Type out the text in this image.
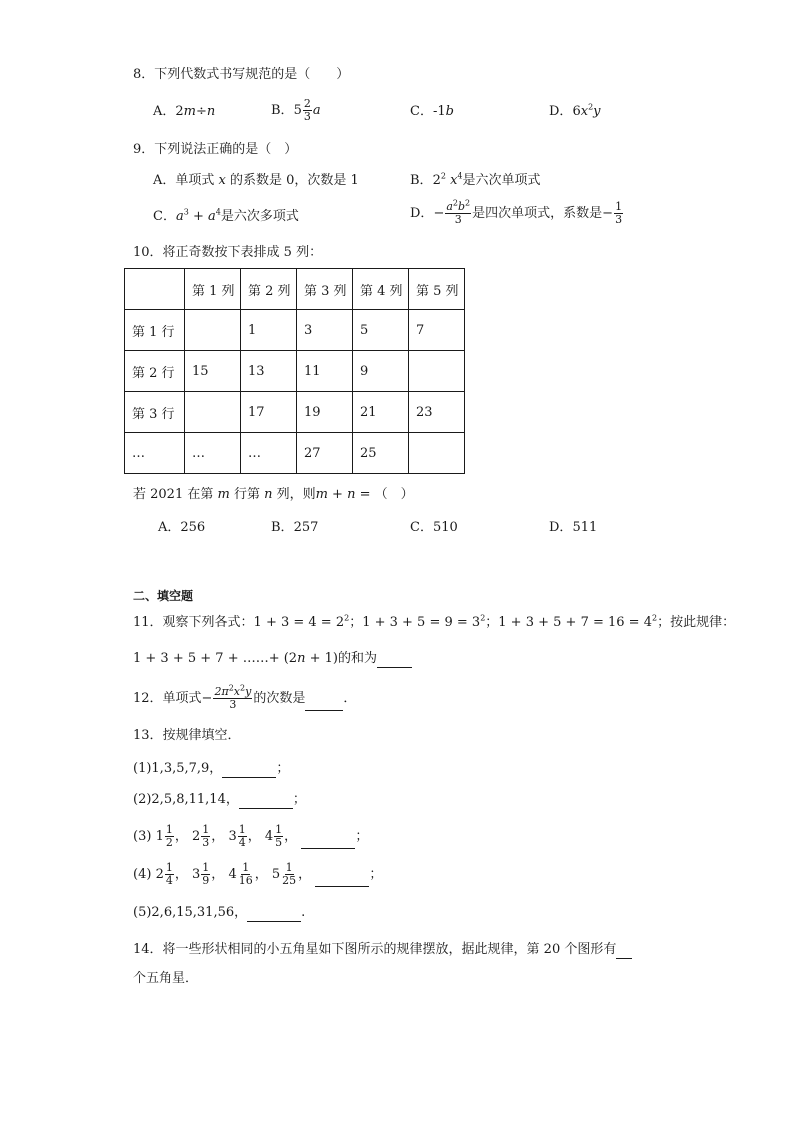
8．下列代数式书写规范的是（　　）
A．2m÷n	B．$5 \frac{2}{3}$ a	C．-1b	D．$6x^2y$
9．下列说法正确的是（　）
A．单项式 x 的系数是 0，次数是 1	B．$2^2$ $x^4$是六次单项式
C．$a^3 + a^4$是六次多项式	D．− $\frac{a^2b^2}{3}$ 是四次单项式，系数是− $\frac{1}{3}$
10．将正奇数按下表排成 5 列：
	第 1 列	第 2 列	第 3 列	第 4 列	第 5 列
第 1 行		1	3	5	7
第 2 行	15	13	11	9	
第 3 行		17	19	21	23
…	…	…	27	25	
若 2021 在第 m 行第 n 列，则m + n = （　）
A．256	B．257	C．510	D．511
二、填空题
11．观察下列各式：$1 + 3 = 4 = 2^2$；$1 + 3 + 5 = 9 = 3^2$；$1 + 3 + 5 + 7 = 16 = 4^2$；按此规律：
1 + 3 + 5 + 7 + ……+ (2n + 1)的和为
12．单项式− $\frac{2\pi^2x^2y}{3}$ 的次数是	．
13．按规律填空．
(1)1,3,5,7,9，	；
(2)2,5,8,11,14，	；
(3) $1 \frac{1}{2}$ ， $2 \frac{1}{3}$ ， $3 \frac{1}{4}$ ， $4 \frac{1}{5}$ ，	；
(4) $2 \frac{1}{4}$ ， $3 \frac{1}{9}$ ， $4 \frac{1}{16}$ ， $5 \frac{1}{25}$ ，	；
(5)2,6,15,31,56，	.
14．将一些形状相同的小五角星如下图所示的规律摆放，据此规律，第 20 个图形有
个五角星．
